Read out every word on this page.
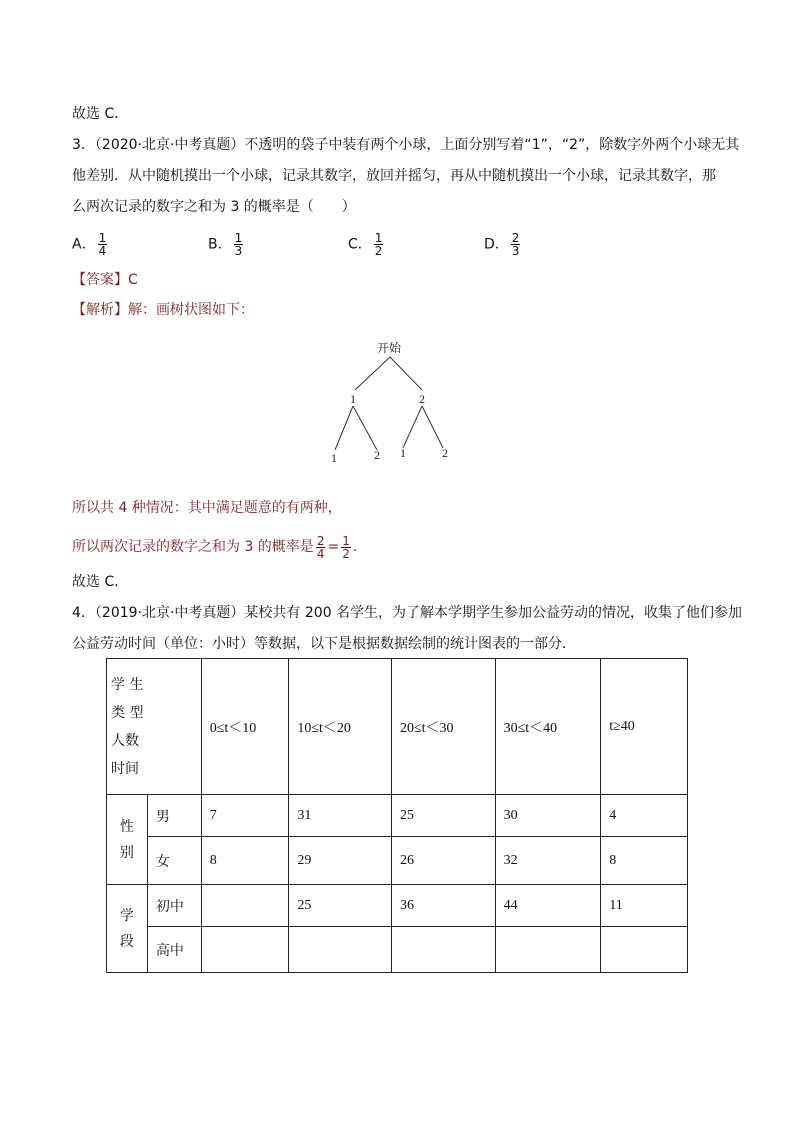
故选 C．
3．（2020·北京·中考真题）不透明的袋子中装有两个小球，上面分别写着“1”，“2”，除数字外两个小球无其
他差别．从中随机摸出一个小球，记录其数字，放回并摇匀，再从中随机摸出一个小球，记录其数字，那
么两次记录的数字之和为 3 的概率是（　　）
A． $\frac{1}{4}$	B． $\frac{1}{3}$	C． $\frac{1}{2}$	D． $\frac{2}{3}$
【答案】C
【解析】解：画树状图如下：
开始
1	2
1	2 1	2
所以共 4 种情况：其中满足题意的有两种，
所以两次记录的数字之和为 3 的概率是 $\frac{2}{4} = \frac{1}{2}$ .
故选 C．
4．（2019·北京·中考真题）某校共有 200 名学生，为了解本学期学生参加公益劳动的情况，收集了他们参加
公益劳动时间（单位：小时）等数据，以下是根据数据绘制的统计图表的一部分．
学 生
类 型
人数
时间		0≤t＜10	10≤t＜20	20≤t＜30	30≤t＜40	t≥40

性
别	男	7	31	25	30	4
	女	8	29	26	32	8

学
段	初中		25	36	44	11
	高中					
